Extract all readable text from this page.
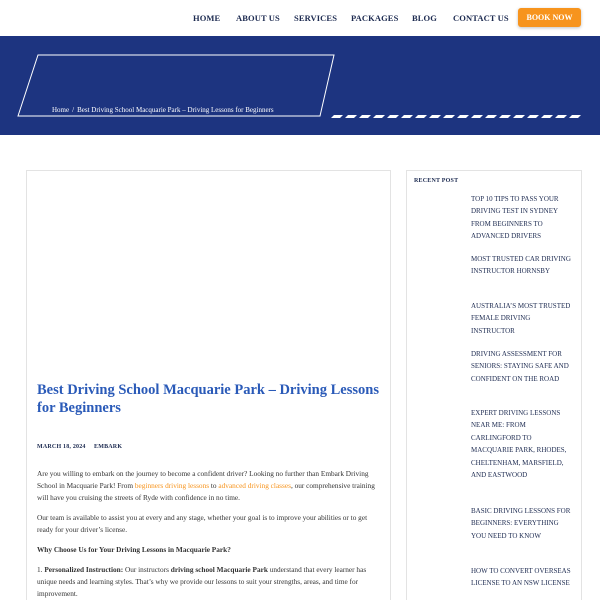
HOME ABOUT US SERVICES PACKAGES BLOG CONTACT US	BOOK NOW
Home / Best Driving School Macquarie Park – Driving Lessons for Beginners
Best Driving School Macquarie Park – Driving Lessons for Beginners
MARCH 18, 2024 EMBARK
Are you willing to embark on the journey to become a confident driver? Looking no further than Embark Driving School in Macquarie Park! From beginners driving lessons to advanced driving classes, our comprehensive training will have you cruising the streets of Ryde with confidence in no time.
Our team is available to assist you at every and any stage, whether your goal is to improve your abilities or to get ready for your driver’s license.
Why Choose Us for Your Driving Lessons in Macquarie Park?
1. Personalized Instruction: Our instructors driving school Macquarie Park understand that every learner has unique needs and learning styles. That’s why we provide our lessons to suit your strengths, areas, and time for improvement.
RECENT POST
TOP 10 TIPS TO PASS YOUR DRIVING TEST IN SYDNEY FROM BEGINNERS TO ADVANCED DRIVERS
MOST TRUSTED CAR DRIVING INSTRUCTOR HORNSBY
AUSTRALIA’S MOST TRUSTED FEMALE DRIVING INSTRUCTOR
DRIVING ASSESSMENT FOR SENIORS: STAYING SAFE AND CONFIDENT ON THE ROAD
EXPERT DRIVING LESSONS NEAR ME: FROM CARLINGFORD TO MACQUARIE PARK, RHODES, CHELTENHAM, MARSFIELD, AND EASTWOOD
BASIC DRIVING LESSONS FOR BEGINNERS: EVERYTHING YOU NEED TO KNOW
HOW TO CONVERT OVERSEAS LICENSE TO AN NSW LICENSE
